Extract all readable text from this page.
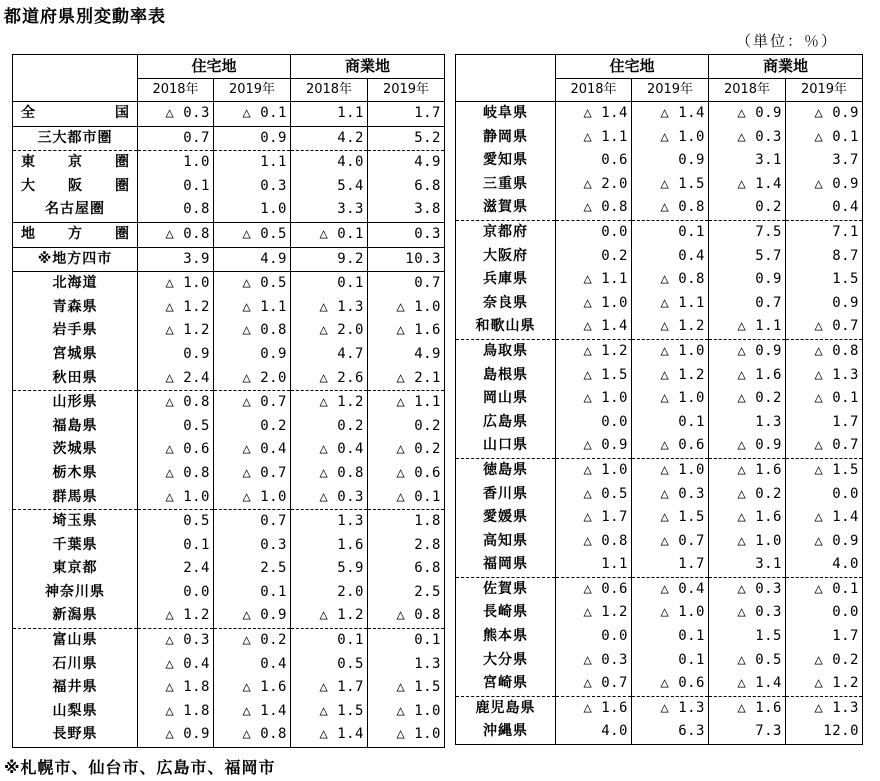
都道府県別変動率表
（単位：％）
	住宅地		商業地	
	2018年	2019年	2018年	2019年
全　　国	△ 0.3	△ 0.1	1.1	1.7
三大都市圏	0.7	0.9	4.2	5.2
東 京 圏	1.0	1.1	4.0	4.9
大 阪 圏	0.1	0.3	5.4	6.8
名古屋圏	0.8	1.0	3.3	3.8
地 方 圏	△ 0.8	△ 0.5	△ 0.1	0.3
※地方四市	3.9	4.9	9.2	10.3
北海道	△ 1.0	△ 0.5	0.1	0.7
青森県	△ 1.2	△ 1.1	△ 1.3	△ 1.0
岩手県	△ 1.2	△ 0.8	△ 2.0	△ 1.6
宮城県	0.9	0.9	4.7	4.9
秋田県	△ 2.4	△ 2.0	△ 2.6	△ 2.1
山形県	△ 0.8	△ 0.7	△ 1.2	△ 1.1
福島県	0.5	0.2	0.2	0.2
茨城県	△ 0.6	△ 0.4	△ 0.4	△ 0.2
栃木県	△ 0.8	△ 0.7	△ 0.8	△ 0.6
群馬県	△ 1.0	△ 1.0	△ 0.3	△ 0.1
埼玉県	0.5	0.7	1.3	1.8
千葉県	0.1	0.3	1.6	2.8
東京都	2.4	2.5	5.9	6.8
神奈川県	0.0	0.1	2.0	2.5
新潟県	△ 1.2	△ 0.9	△ 1.2	△ 0.8
富山県	△ 0.3	△ 0.2	0.1	0.1
石川県	△ 0.4	0.4	0.5	1.3
福井県	△ 1.8	△ 1.6	△ 1.7	△ 1.5
山梨県	△ 1.8	△ 1.4	△ 1.5	△ 1.0
長野県	△ 0.9	△ 0.8	△ 1.4	△ 1.0
	住宅地		商業地	
	2018年	2019年	2018年	2019年
岐阜県	△ 1.4	△ 1.4	△ 0.9	△ 0.9
静岡県	△ 1.1	△ 1.0	△ 0.3	△ 0.1
愛知県	0.6	0.9	3.1	3.7
三重県	△ 2.0	△ 1.5	△ 1.4	△ 0.9
滋賀県	△ 0.8	△ 0.8	0.2	0.4
京都府	0.0	0.1	7.5	7.1
大阪府	0.2	0.4	5.7	8.7
兵庫県	△ 1.1	△ 0.8	0.9	1.5
奈良県	△ 1.0	△ 1.1	0.7	0.9
和歌山県	△ 1.4	△ 1.2	△ 1.1	△ 0.7
鳥取県	△ 1.2	△ 1.0	△ 0.9	△ 0.8
島根県	△ 1.5	△ 1.2	△ 1.6	△ 1.3
岡山県	△ 1.0	△ 1.0	△ 0.2	△ 0.1
広島県	0.0	0.1	1.3	1.7
山口県	△ 0.9	△ 0.6	△ 0.9	△ 0.7
徳島県	△ 1.0	△ 1.0	△ 1.6	△ 1.5
香川県	△ 0.5	△ 0.3	△ 0.2	0.0
愛媛県	△ 1.7	△ 1.5	△ 1.6	△ 1.4
高知県	△ 0.8	△ 0.7	△ 1.0	△ 0.9
福岡県	1.1	1.7	3.1	4.0
佐賀県	△ 0.6	△ 0.4	△ 0.3	△ 0.1
長崎県	△ 1.2	△ 1.0	△ 0.3	0.0
熊本県	0.0	0.1	1.5	1.7
大分県	△ 0.3	0.1	△ 0.5	△ 0.2
宮崎県	△ 0.7	△ 0.6	△ 1.4	△ 1.2
鹿児島県	△ 1.6	△ 1.3	△ 1.6	△ 1.3
沖縄県	4.0	6.3	7.3	12.0
※札幌市、仙台市、広島市、福岡市
